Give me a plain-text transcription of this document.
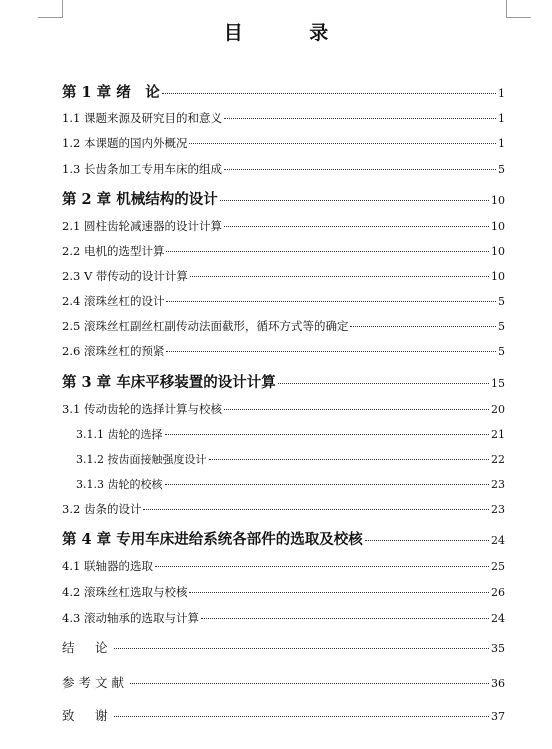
目 录
第 1 章 绪　论	1
1.1 课题来源及研究目的和意义	1
1.2 本课题的国内外概况	1
1.3 长齿条加工专用车床的组成	5
第 2 章 机械结构的设计	10
2.1 圆柱齿轮减速器的设计计算	10
2.2 电机的选型计算	10
2.3 V 带传动的设计计算	10
2.4 滚珠丝杠的设计	5
2.5 滚珠丝杠副丝杠副传动法面截形，循环方式等的确定	5
2.6 滚珠丝杠的预紧	5
第 3 章 车床平移装置的设计计算	15
3.1 传动齿轮的选择计算与校核	20
3.1.1 齿轮的选择	21
3.1.2 按齿面接触强度设计	22
3.1.3 齿轮的校核	23
3.2 齿条的设计	23
第 4 章 专用车床进给系统各部件的选取及校核	24
4.1 联轴器的选取	25
4.2 滚珠丝杠选取与校核	26
4.3 滚动轴承的选取与计算	24
结　论	35
参考文献	36
致　谢	37
